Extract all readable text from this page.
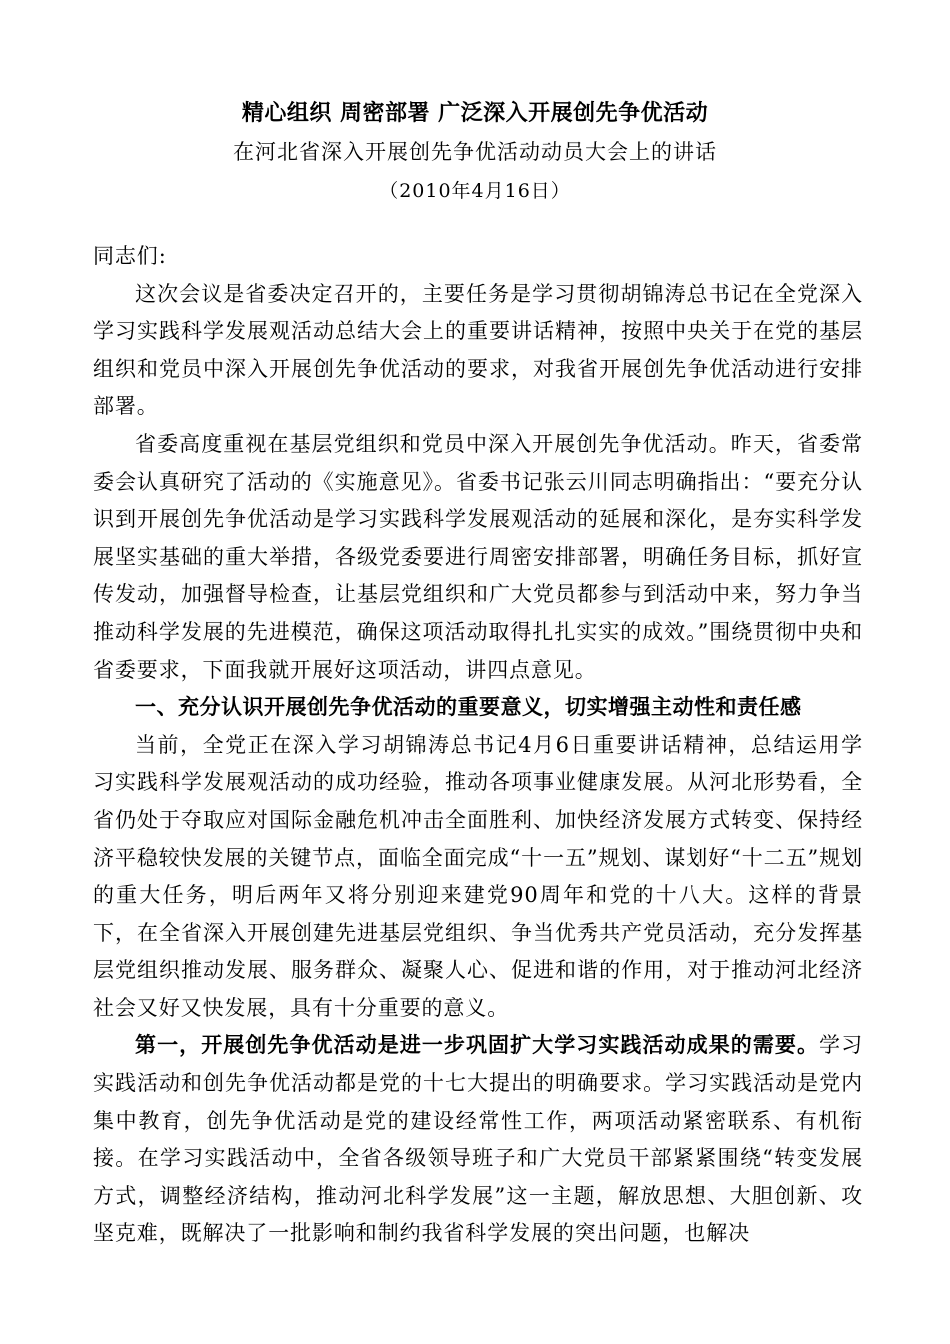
精心组织 周密部署 广泛深入开展创先争优活动
在河北省深入开展创先争优活动动员大会上的讲话
（2010年4月16日）

同志们:

这次会议是省委决定召开的，主要任务是学习贯彻胡锦涛总书记在全党深入学习实践科学发展观活动总结大会上的重要讲话精神，按照中央关于在党的基层组织和党员中深入开展创先争优活动的要求，对我省开展创先争优活动进行安排部署。

省委高度重视在基层党组织和党员中深入开展创先争优活动。昨天，省委常委会认真研究了活动的《实施意见》。省委书记张云川同志明确指出：“要充分认识到开展创先争优活动是学习实践科学发展观活动的延展和深化，是夯实科学发展坚实基础的重大举措，各级党委要进行周密安排部署，明确任务目标，抓好宣传发动，加强督导检查，让基层党组织和广大党员都参与到活动中来，努力争当推动科学发展的先进模范，确保这项活动取得扎扎实实的成效。”围绕贯彻中央和省委要求，下面我就开展好这项活动，讲四点意见。

一、充分认识开展创先争优活动的重要意义，切实增强主动性和责任感

当前，全党正在深入学习胡锦涛总书记4月6日重要讲话精神，总结运用学习实践科学发展观活动的成功经验，推动各项事业健康发展。从河北形势看，全省仍处于夺取应对国际金融危机冲击全面胜利、加快经济发展方式转变、保持经济平稳较快发展的关键节点，面临全面完成“十一五”规划、谋划好“十二五”规划的重大任务，明后两年又将分别迎来建党90周年和党的十八大。这样的背景下，在全省深入开展创建先进基层党组织、争当优秀共产党员活动，充分发挥基层党组织推动发展、服务群众、凝聚人心、促进和谐的作用，对于推动河北经济社会又好又快发展，具有十分重要的意义。

第一，开展创先争优活动是进一步巩固扩大学习实践活动成果的需要。学习实践活动和创先争优活动都是党的十七大提出的明确要求。学习实践活动是党内集中教育，创先争优活动是党的建设经常性工作，两项活动紧密联系、有机衔接。在学习实践活动中，全省各级领导班子和广大党员干部紧紧围绕“转变发展方式，调整经济结构，推动河北科学发展”这一主题，解放思想、大胆创新、攻坚克难，既解决了一批影响和制约我省科学发展的突出问题，也解决
